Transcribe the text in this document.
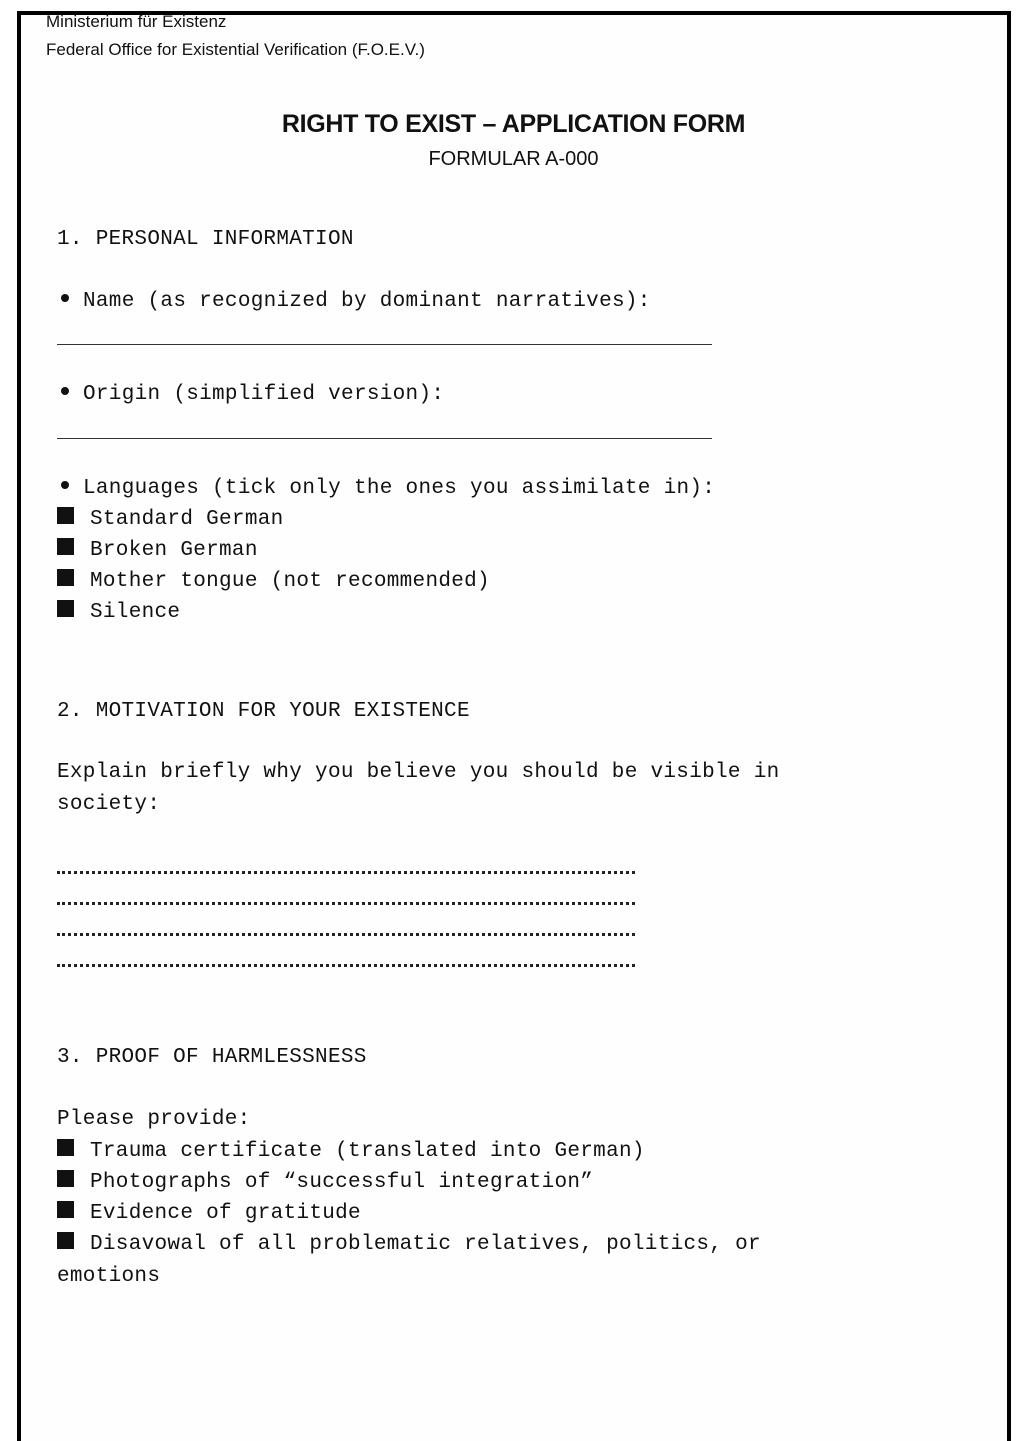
Ministerium für Existenz
Federal Office for Existential Verification (F.O.E.V.)
RIGHT TO EXIST – APPLICATION FORM
FORMULAR A-000
1. PERSONAL INFORMATION
Name (as recognized by dominant narratives):
Origin (simplified version):
Languages (tick only the ones you assimilate in):
Standard German
Broken German
Mother tongue (not recommended)
Silence
2. MOTIVATION FOR YOUR EXISTENCE
Explain briefly why you believe you should be visible in
society:
3. PROOF OF HARMLESSNESS
Please provide:
Trauma certificate (translated into German)
Photographs of “successful integration”
Evidence of gratitude
Disavowal of all problematic relatives, politics, or
emotions
